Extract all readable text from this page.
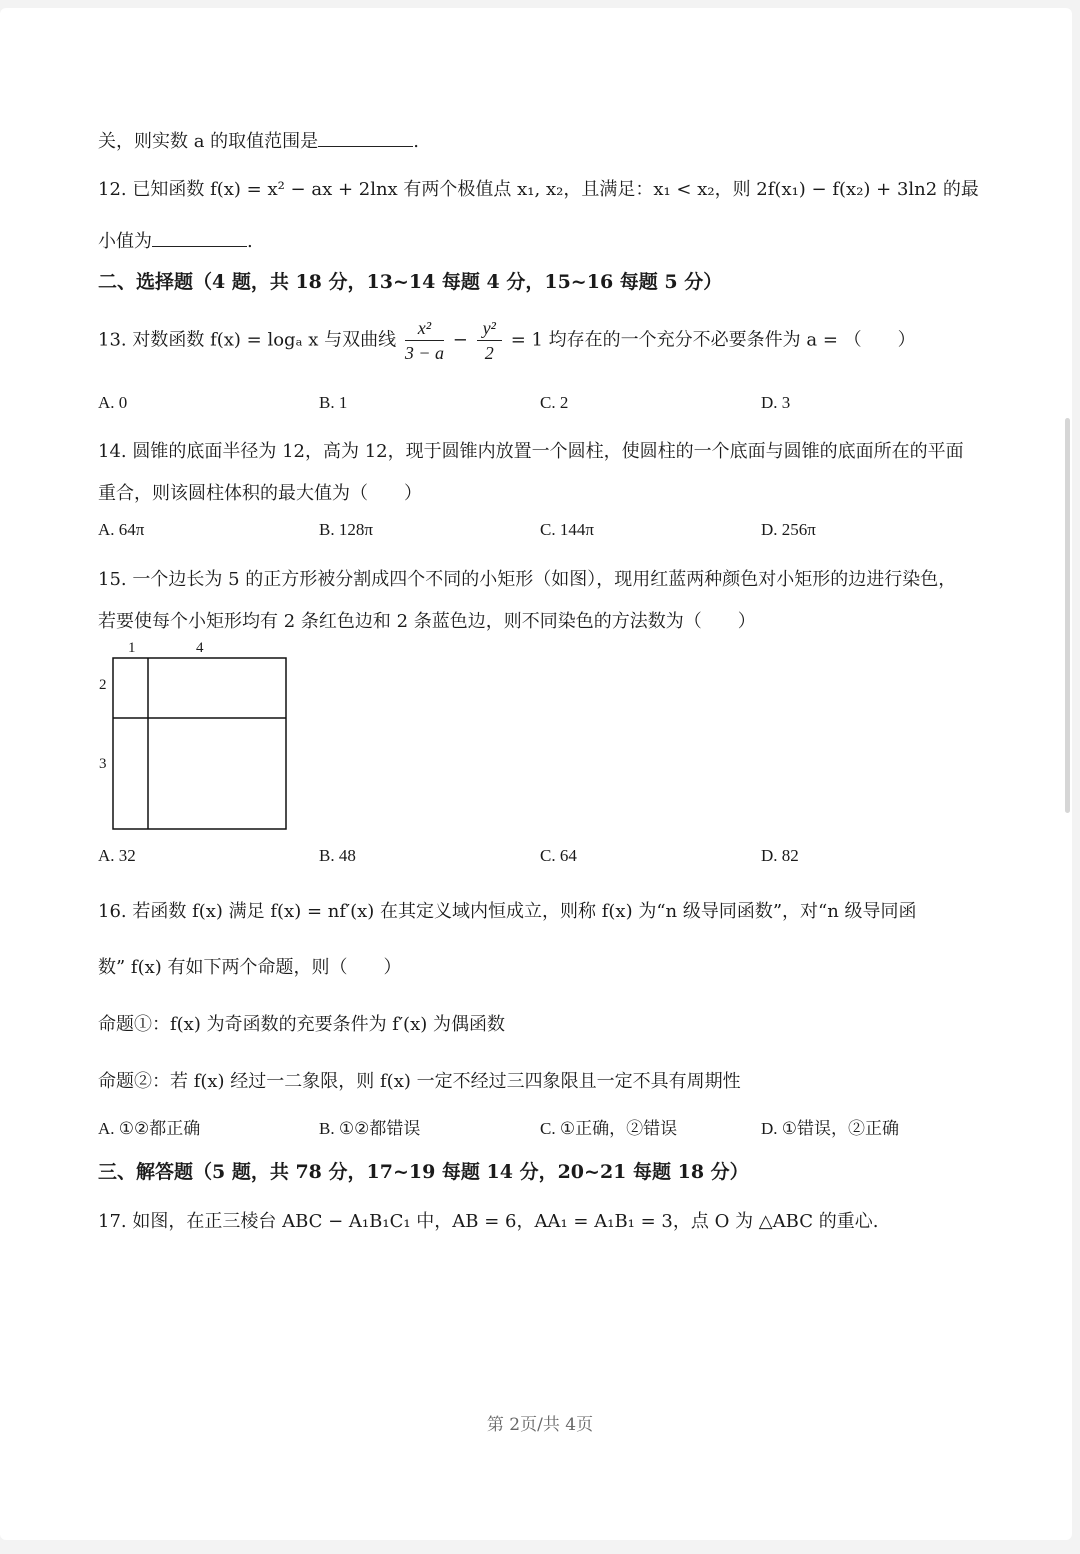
关，则实数 a 的取值范围是	.
12. 已知函数 f(x) = x² − ax + 2lnx 有两个极值点 x₁, x₂，且满足：x₁ < x₂，则 2f(x₁) − f(x₂) + 3ln2 的最
小值为	.
二、选择题（4 题，共 18 分，13~14 每题 4 分，15~16 每题 5 分）
13. 对数函数 f(x) = logₐ x 与双曲线 $\frac{\text{x²}}{3 - a} - \frac{\text{y²}}{2} = 1$ 均存在的一个充分不必要条件为 a = （　　）
A. 0	B. 1	C. 2	D. 3
14. 圆锥的底面半径为 12，高为 12，现于圆锥内放置一个圆柱，使圆柱的一个底面与圆锥的底面所在的平面
重合，则该圆柱体积的最大值为（　　）
A. 64π	B. 128π	C. 144π	D. 256π
15. 一个边长为 5 的正方形被分割成四个不同的小矩形（如图），现用红蓝两种颜色对小矩形的边进行染色，
若要使每个小矩形均有 2 条红色边和 2 条蓝色边，则不同染色的方法数为（　　）
1	4
2
3
A. 32	B. 48	C. 64	D. 82
16. 若函数 f(x) 满足 f(x) = nf′(x) 在其定义域内恒成立，则称 f(x) 为“n 级导同函数”，对“n 级导同函
数” f(x) 有如下两个命题，则（　　）
命题①：f(x) 为奇函数的充要条件为 f′(x) 为偶函数
命题②：若 f(x) 经过一二象限，则 f(x) 一定不经过三四象限且一定不具有周期性
A. ①②都正确	B. ①②都错误	C. ①正确，②错误	D. ①错误，②正确
三、解答题（5 题，共 78 分，17~19 每题 14 分，20~21 每题 18 分）
17. 如图，在正三棱台 ABC − A₁B₁C₁ 中，AB = 6，AA₁ = A₁B₁ = 3，点 O 为 △ABC 的重心.
第 2页/共 4页
